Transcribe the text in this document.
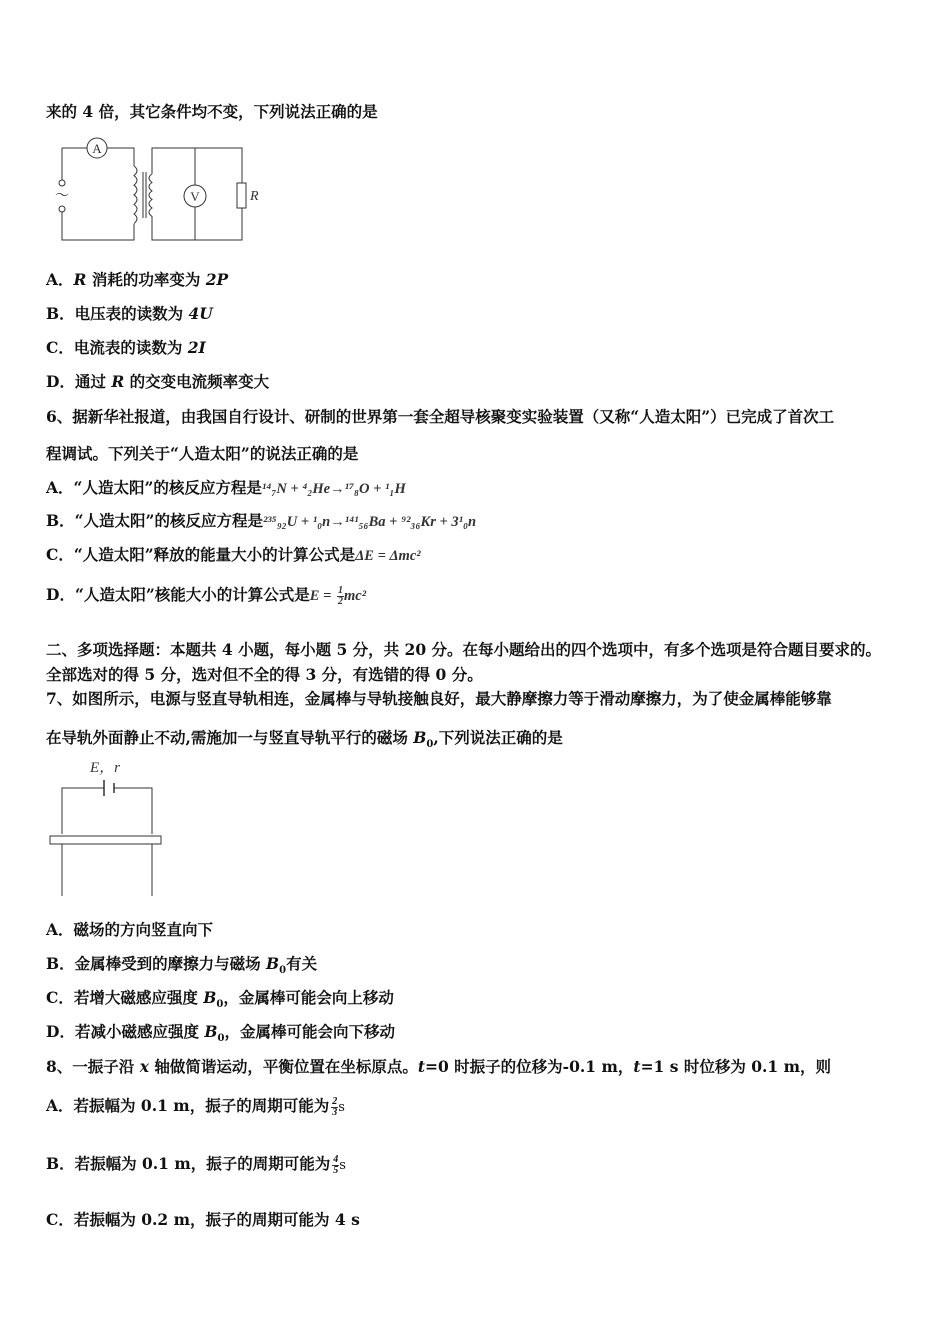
来的 4 倍，其它条件均不变，下列说法正确的是
～
A
V	R
A．R 消耗的功率变为 2P
B．电压表的读数为 4U
C．电流表的读数为 2I
D．通过 R 的交变电流频率变大
6、据新华社报道，由我国自行设计、研制的世界第一套全超导核聚变实验装置（又称“人造太阳”）已完成了首次工
程调试。下列关于“人造太阳”的说法正确的是
A．“人造太阳”的核反应方程是¹⁴₇N + ⁴₂He→¹⁷₈O + ¹₁H
B．“人造太阳”的核反应方程是²³⁵₉₂U + ¹₀n→¹⁴¹₅₆Ba + ⁹²₃₆Kr + 3¹₀n
C．“人造太阳”释放的能量大小的计算公式是ΔE = Δmc²
D．“人造太阳”核能大小的计算公式是$E = \frac{1}{2} mc^2$
二、多项选择题：本题共 4 小题，每小题 5 分，共 20 分。在每小题给出的四个选项中，有多个选项是符合题目要求的。
全部选对的得 5 分，选对但不全的得 3 分，有选错的得 0 分。
7、如图所示，电源与竖直导轨相连，金属棒与导轨接触良好，最大静摩擦力等于滑动摩擦力，为了使金属棒能够靠
在导轨外面静止不动,需施加一与竖直导轨平行的磁场 $B_0$,下列说法正确的是
E，r
A．磁场的方向竖直向下
B．金属棒受到的摩擦力与磁场 $B_0$有关
C．若增大磁感应强度 $B_0$，金属棒可能会向上移动
D．若减小磁感应强度 $B_0$，金属棒可能会向下移动
8、一振子沿 x 轴做简谐运动，平衡位置在坐标原点。t=0 时振子的位移为-0.1 m，t=1 s 时位移为 0.1 m，则
A．若振幅为 0.1 m，振子的周期可能为 $\frac{2}{3}$ s
B．若振幅为 0.1 m，振子的周期可能为 $\frac{4}{5}$ s
C．若振幅为 0.2 m，振子的周期可能为 4 s
